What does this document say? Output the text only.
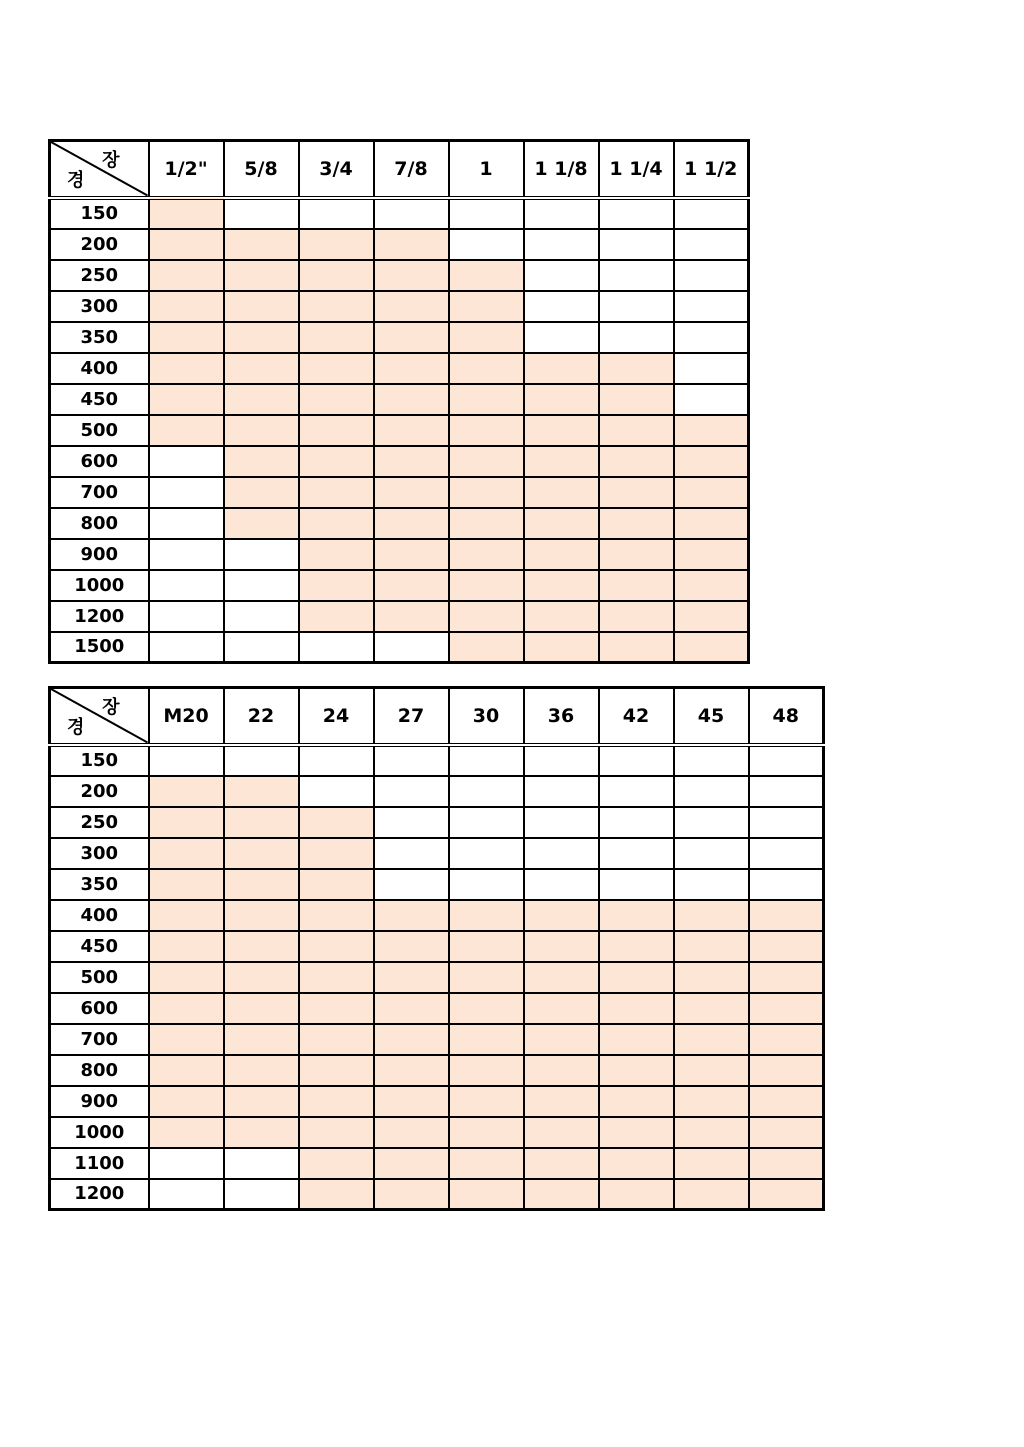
장
경	1/2"	5/8	3/4	7/8	1	1 1/8	1 1/4	1 1/2
150								
200								
250								
300								
350								
400								
450								
500								
600								
700								
800								
900								
1000								
1200								
1500								
장
경	M20	22	24	27	30	36	42	45	48
150									
200									
250									
300									
350									
400									
450									
500									
600									
700									
800									
900									
1000									
1100									
1200									
